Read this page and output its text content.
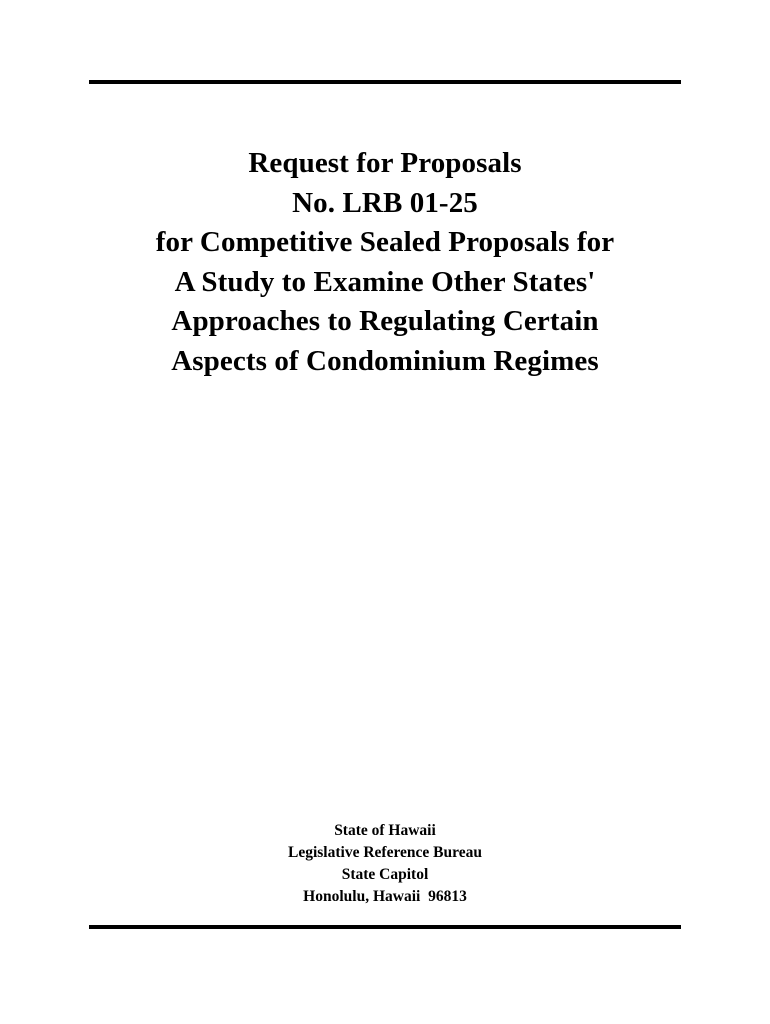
Request for Proposals
No. LRB 01-25
for Competitive Sealed Proposals for
A Study to Examine Other States'
Approaches to Regulating Certain
Aspects of Condominium Regimes
State of Hawaii
Legislative Reference Bureau
State Capitol
Honolulu, Hawaii  96813
